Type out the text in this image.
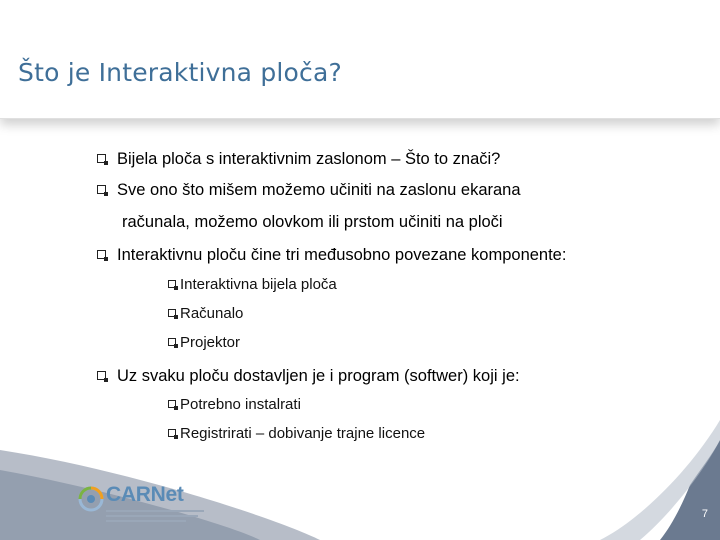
Što je Interaktivna ploča?
Bijela ploča s interaktivnim zaslonom – Što to znači?
Sve ono što mišem možemo učiniti na zaslonu ekarana
računala, možemo olovkom ili prstom učiniti na ploči
Interaktivnu ploču čine tri međusobno povezane komponente:
Interaktivna bijela ploča
Računalo
Projektor
Uz svaku ploču dostavljen je i program (softwer) koji je:
Potrebno instalrati
Registrirati – dobivanje trajne licence
CARNet
7
